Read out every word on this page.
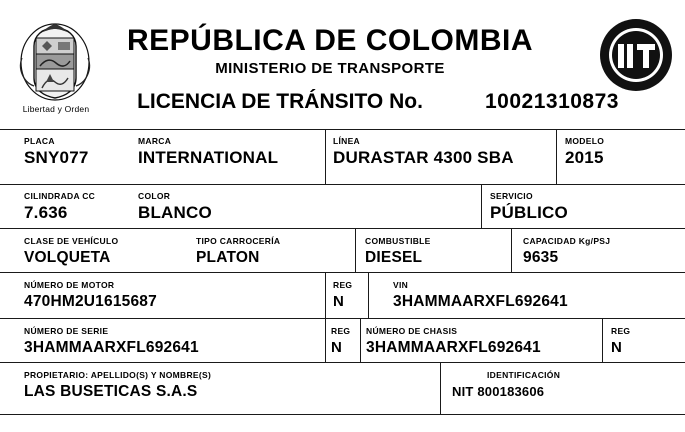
Libertad y Orden
REPÚBLICA DE COLOMBIA
MINISTERIO DE TRANSPORTE
LICENCIA DE TRÁNSITO No.	10021310873
PLACA
SNY077
MARCA
INTERNATIONAL
LÍNEA
DURASTAR 4300 SBA
MODELO
2015
CILINDRADA CC
7.636
COLOR
BLANCO
SERVICIO
PÚBLICO
CLASE DE VEHÍCULO
VOLQUETA
TIPO CARROCERÍA
PLATON
COMBUSTIBLE
DIESEL
CAPACIDAD Kg/PSJ
9635
NÚMERO DE MOTOR
470HM2U1615687
REG
N
VIN
3HAMMAARXFL692641
NÚMERO DE SERIE
3HAMMAARXFL692641
REG
N
NÚMERO DE CHASIS
3HAMMAARXFL692641
REG
N
PROPIETARIO: APELLIDO(S) Y NOMBRE(S)
LAS BUSETICAS S.A.S
IDENTIFICACIÓN
NIT 800183606
